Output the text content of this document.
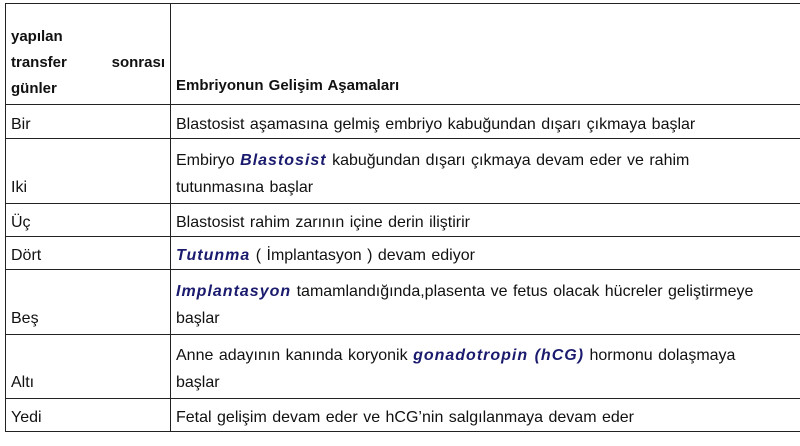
yapılan
transfer sonrası
günler	Embriyonun Gelişim Aşamaları
Bir	Blastosist aşamasına gelmiş embriyo kabuğundan dışarı çıkmaya başlar
Iki	Embiryo Blastosist kabuğundan dışarı çıkmaya devam eder ve rahim
tutunmasına başlar

Üç	Blastosist rahim zarının içine derin iliştirir
Dört	Tutunma ( İmplantasyon ) devam ediyor
Beş	Implantasyon tamamlandığında,plasenta ve fetus olacak hücreler geliştirmeye
başlar

Altı	Anne adayının kanında koryonik gonadotropin (hCG) hormonu dolaşmaya
başlar

Yedi	Fetal gelişim devam eder ve hCG’nin salgılanmaya devam eder
